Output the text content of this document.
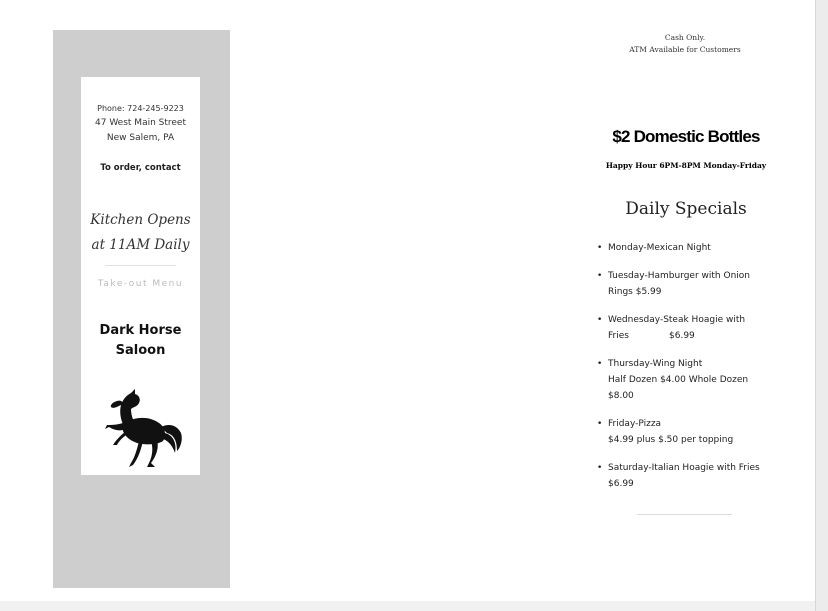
Phone: 724-245-9223
47 West Main Street
New Salem, PA
To order, contact
Kitchen Opens
at 11AM Daily
Take-out Menu
Dark Horse
Saloon
Cash Only.
ATM Available for Customers
$2 Domestic Bottles
Happy Hour 6PM-8PM Monday-Friday
Daily Specials
• Monday-Mexican Night
• Tuesday-Hamburger with Onion
Rings $5.99
• Wednesday-Steak Hoagie with
Fries              $6.99
• Thursday-Wing Night
Half Dozen $4.00 Whole Dozen
$8.00
• Friday-Pizza
$4.99 plus $.50 per topping
• Saturday-Italian Hoagie with Fries
$6.99
